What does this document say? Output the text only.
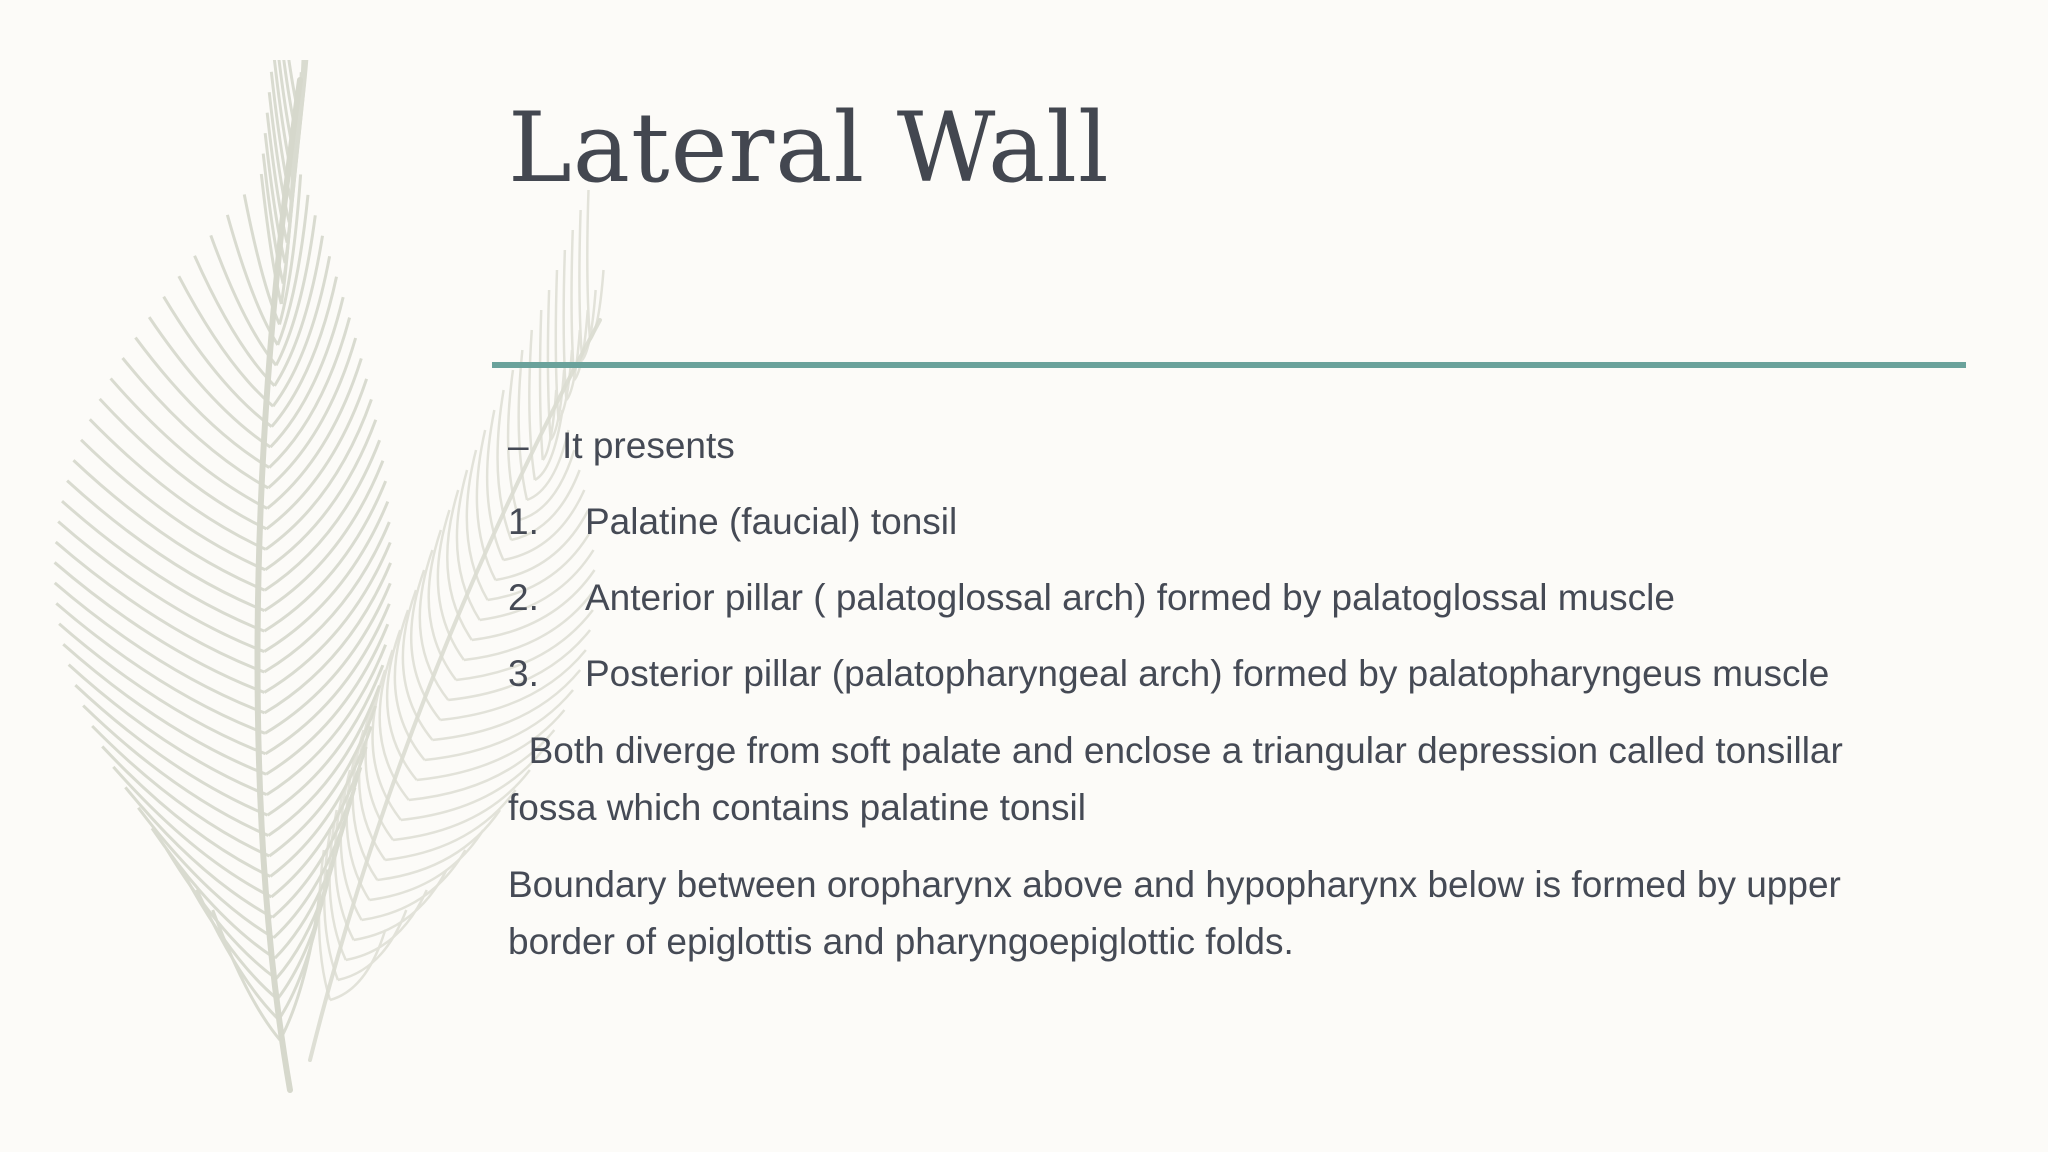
Lateral Wall
– It presents
1. Palatine (faucial) tonsil
2. Anterior pillar ( palatoglossal arch) formed by palatoglossal muscle
3. Posterior pillar (palatopharyngeal arch) formed by palatopharyngeus muscle
Both diverge from soft palate and enclose a triangular depression called tonsillar fossa which contains palatine tonsil
Boundary between oropharynx above and hypopharynx below is formed by upper border of epiglottis and pharyngoepiglottic folds.
